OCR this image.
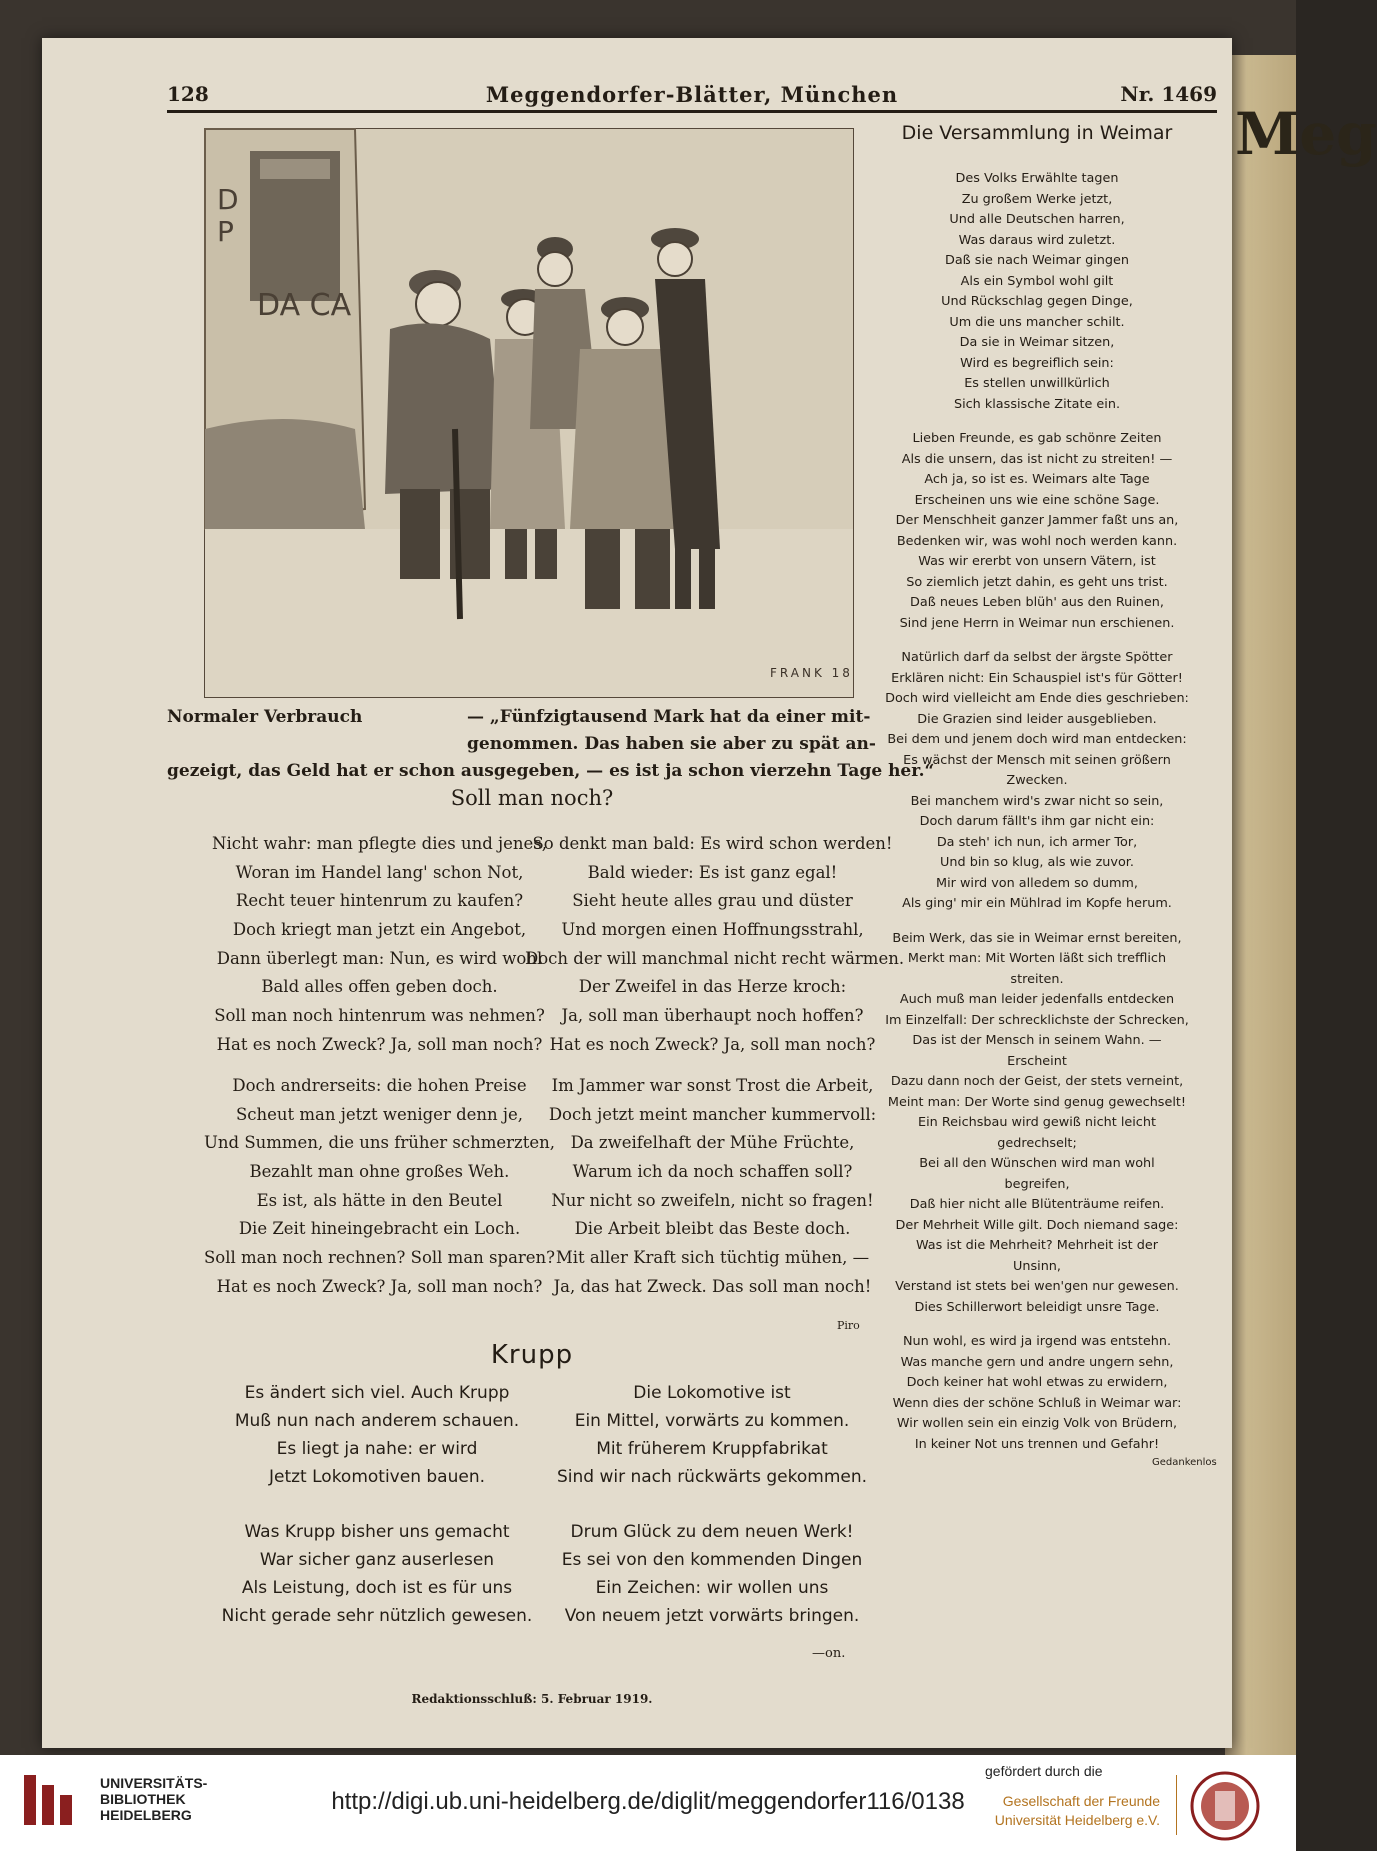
Meg
128	Meggendorfer-Blätter, München	Nr. 1469
D
P
DA CA
FRANK 18
Normaler Verbrauch	— „Fünfzigtausend Mark hat da einer mit-
genommen. Das haben sie aber zu spät an-
gezeigt, das Geld hat er schon ausgegeben, — es ist ja schon vierzehn Tage her.“
Soll man noch?
Nicht wahr: man pflegte dies und jenes,
Woran im Handel lang' schon Not,
Recht teuer hintenrum zu kaufen?
Doch kriegt man jetzt ein Angebot,
Dann überlegt man: Nun, es wird wohl
Bald alles offen geben doch.
Soll man noch hintenrum was nehmen?
Hat es noch Zweck? Ja, soll man noch?
So denkt man bald: Es wird schon werden!
Bald wieder: Es ist ganz egal!
Sieht heute alles grau und düster
Und morgen einen Hoffnungsstrahl,
Doch der will manchmal nicht recht wärmen.
Der Zweifel in das Herze kroch:
Ja, soll man überhaupt noch hoffen?
Hat es noch Zweck? Ja, soll man noch?
Doch andrerseits: die hohen Preise
Scheut man jetzt weniger denn je,
Und Summen, die uns früher schmerzten,
Bezahlt man ohne großes Weh.
Es ist, als hätte in den Beutel
Die Zeit hineingebracht ein Loch.
Soll man noch rechnen? Soll man sparen?
Hat es noch Zweck? Ja, soll man noch?
Im Jammer war sonst Trost die Arbeit,
Doch jetzt meint mancher kummervoll:
Da zweifelhaft der Mühe Früchte,
Warum ich da noch schaffen soll?
Nur nicht so zweifeln, nicht so fragen!
Die Arbeit bleibt das Beste doch.
Mit aller Kraft sich tüchtig mühen, —
Ja, das hat Zweck. Das soll man noch!
Piro
Krupp
Es ändert sich viel. Auch Krupp
Muß nun nach anderem schauen.
Es liegt ja nahe: er wird
Jetzt Lokomotiven bauen.
Die Lokomotive ist
Ein Mittel, vorwärts zu kommen.
Mit früherem Kruppfabrikat
Sind wir nach rückwärts gekommen.
Was Krupp bisher uns gemacht
War sicher ganz auserlesen
Als Leistung, doch ist es für uns
Nicht gerade sehr nützlich gewesen.
Drum Glück zu dem neuen Werk!
Es sei von den kommenden Dingen
Ein Zeichen: wir wollen uns
Von neuem jetzt vorwärts bringen.
—on.
Redaktionsschluß: 5. Februar 1919.
Die Versammlung in Weimar
Gedankenlos
Des Volks Erwählte tagen
Zu großem Werke jetzt,
Und alle Deutschen harren,
Was daraus wird zuletzt.
Daß sie nach Weimar gingen
Als ein Symbol wohl gilt
Und Rückschlag gegen Dinge,
Um die uns mancher schilt.
Da sie in Weimar sitzen,
Wird es begreiflich sein:
Es stellen unwillkürlich
Sich klassische Zitate ein.
Lieben Freunde, es gab schönre Zeiten
Als die unsern, das ist nicht zu streiten! —
Ach ja, so ist es. Weimars alte Tage
Erscheinen uns wie eine schöne Sage.
Der Menschheit ganzer Jammer faßt uns an,
Bedenken wir, was wohl noch werden kann.
Was wir ererbt von unsern Vätern, ist
So ziemlich jetzt dahin, es geht uns trist.
Daß neues Leben blüh' aus den Ruinen,
Sind jene Herrn in Weimar nun erschienen.
Natürlich darf da selbst der ärgste Spötter
Erklären nicht: Ein Schauspiel ist's für Götter!
Doch wird vielleicht am Ende dies geschrieben:
Die Grazien sind leider ausgeblieben.
Bei dem und jenem doch wird man entdecken:
Es wächst der Mensch mit seinen größern
Zwecken.
Bei manchem wird's zwar nicht so sein,
Doch darum fällt's ihm gar nicht ein:
Da steh' ich nun, ich armer Tor,
Und bin so klug, als wie zuvor.
Mir wird von alledem so dumm,
Als ging' mir ein Mühlrad im Kopfe herum.
Beim Werk, das sie in Weimar ernst bereiten,
Merkt man: Mit Worten läßt sich trefflich
streiten.
Auch muß man leider jedenfalls entdecken
Im Einzelfall: Der schrecklichste der Schrecken,
Das ist der Mensch in seinem Wahn. —
Erscheint
Dazu dann noch der Geist, der stets verneint,
Meint man: Der Worte sind genug gewechselt!
Ein Reichsbau wird gewiß nicht leicht
gedrechselt;
Bei all den Wünschen wird man wohl
begreifen,
Daß hier nicht alle Blütenträume reifen.
Der Mehrheit Wille gilt. Doch niemand sage:
Was ist die Mehrheit? Mehrheit ist der
Unsinn,
Verstand ist stets bei wen'gen nur gewesen.
Dies Schillerwort beleidigt unsre Tage.
Nun wohl, es wird ja irgend was entstehn.
Was manche gern und andre ungern sehn,
Doch keiner hat wohl etwas zu erwidern,
Wenn dies der schöne Schluß in Weimar war:
Wir wollen sein ein einzig Volk von Brüdern,
In keiner Not uns trennen und Gefahr!
UNIVERSITÄTS-
BIBLIOTHEK
HEIDELBERG	http://digi.ub.uni-heidelberg.de/diglit/meggendorfer116/0138
gefördert durch die
Gesellschaft der Freunde
Universität Heidelberg e.V.
